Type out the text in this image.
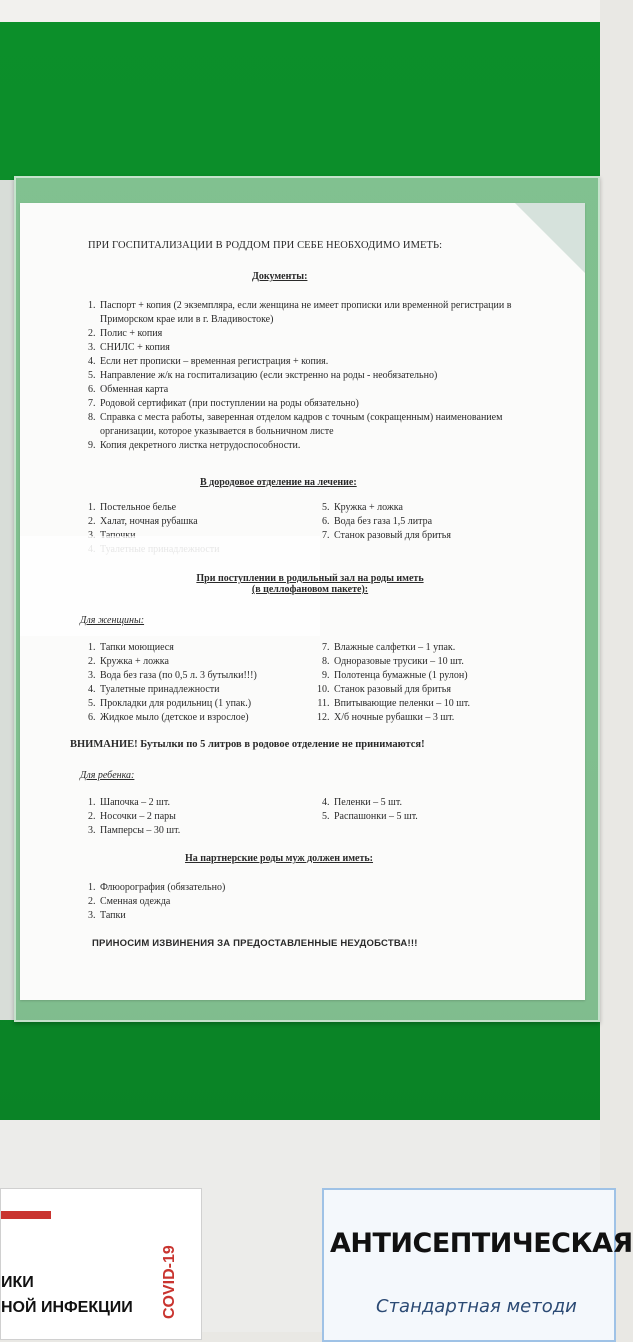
ПРИ ГОСПИТАЛИЗАЦИИ В РОДДОМ ПРИ СЕБЕ НЕОБХОДИМО ИМЕТЬ:
Документы:
1. Паспорт + копия (2 экземпляра, если женщина не имеет прописки или временной регистрации в Приморском крае или в г. Владивостоке)
2. Полис + копия
3. СНИЛС + копия
4. Если нет прописки – временная регистрация + копия.
5. Направление ж/к на госпитализацию (если экстренно на роды - необязательно)
6. Обменная карта
7. Родовой сертификат (при поступлении на роды обязательно)
8. Справка с места работы, заверенная отделом кадров с точным (сокращенным) наименованием организации, которое указывается в больничном листе
9. Копия декретного листка нетрудоспособности.
В дородовое отделение на лечение:
1. Постельное белье
2. Халат, ночная рубашка
3.
4.
5. Кружка + ложка
6. Вода без газа 1,5 литра
7. Станок разовый для бритья
При поступлении в родильный зал на роды иметь
(в целлофановом пакете):
Для женщины:
1. Тапки моющиеся
2. Кружка + ложка
3. Вода без газа (по 0,5 л. 3 бутылки!!!)
4. Туалетные принадлежности
5. Прокладки для родильниц (1 упак.)
6. Жидкое мыло (детское и взрослое)
7. Влажные салфетки – 1 упак.
8. Одноразовые трусики – 10 шт.
9. Полотенца бумажные (1 рулон)
10. Станок разовый для бритья
11. Впитывающие пеленки – 10 шт.
12. Х/б ночные рубашки – 3 шт.
ВНИМАНИЕ! Бутылки по 5 литров в родовое отделение не принимаются!
Для ребенка:
1. Шапочка – 2 шт.
2. Носочки – 2 пары
3. Памперсы – 30 шт.
4. Пеленки – 5 шт.
5. Распашонки – 5 шт.
На партнерские роды муж должен иметь:
1. Флюорография (обязательно)
2. Сменная одежда
3. Тапки
ПРИНОСИМ ИЗВИНЕНИЯ ЗА ПРЕДОСТАВЛЕННЫЕ НЕУДОБСТВА!!!
ИКИ
НОЙ ИНФЕКЦИИ COVID-19
АНТИСЕПТИЧЕСКАЯ
Стандартная методи
